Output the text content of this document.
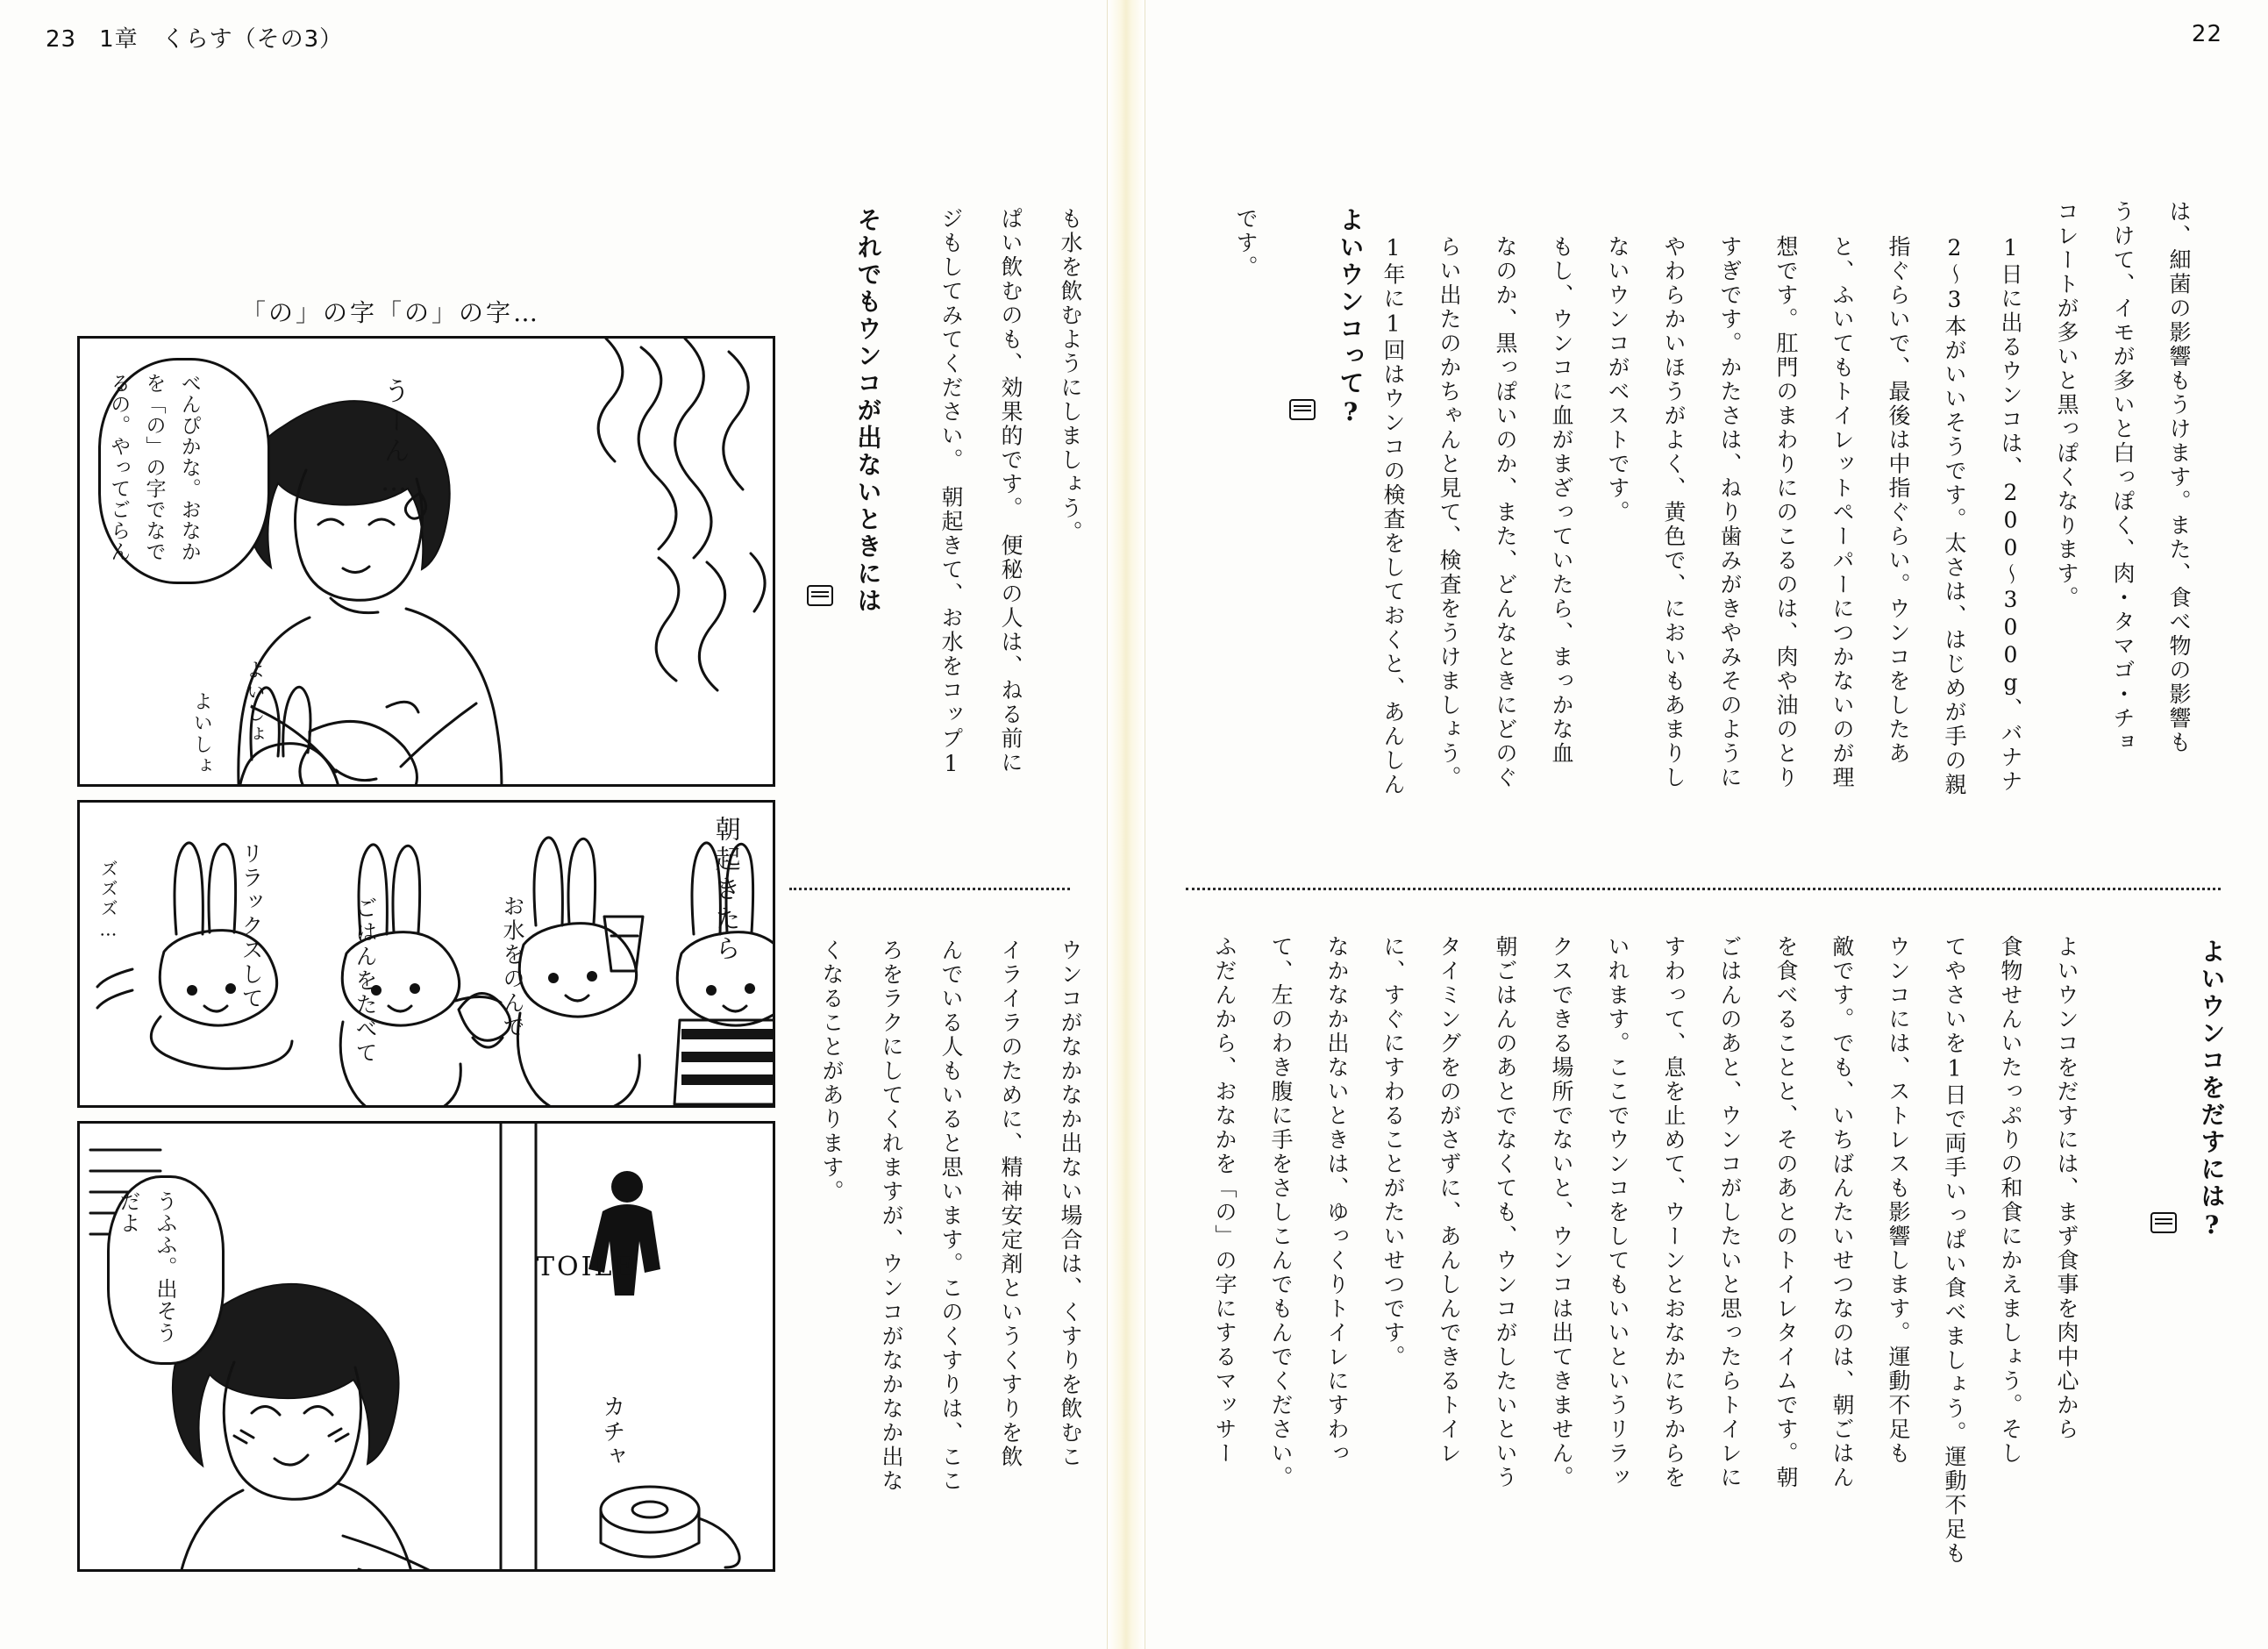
23 1章　くらす（その3）
「の」の字「の」の字…
べんぴかな。おなかを「の」の字でなでるの。やってごらん	うーん…
よいしょ
よいしょ
朝起きたら
お水をのんで
ごはんをたべて
リラックスして
ズズズ…
うふふ。出そうだよ
カチャ
TOILE
それでもウンコが出ないときには	も水を飲むようにしましょう。
ぱい飲むのも、効果的です。　便秘の人は、ねる前に
ジもしてみてください。　朝起きて、お水をコップ1
ウンコがなかなか出ない場合は、くすりを飲むこ
イライラのために、精神安定剤というくすりを飲
んでいる人もいると思います。このくすりは、ここ
ろをラクにしてくれますが、ウンコがなかなか出な
くなることがあります。
22
よいウンコって?	は、細菌の影響もうけます。また、食べ物の影響も
うけて、イモが多いと白っぽく、肉・タマゴ・チョ
コレートが多いと黒っぽくなります。
1日に出るウンコは、200〜300g、バナナ
2〜3本がいいそうです。太さは、はじめが手の親
指ぐらいで、最後は中指ぐらい。ウンコをしたあ
と、ふいてもトイレットペーパーにつかないのが理
想です。肛門のまわりにのこるのは、肉や油のとり
すぎです。かたさは、ねり歯みがきやみそのように
やわらかいほうがよく、黄色で、においもあまりし
ないウンコがベストです。
もし、ウンコに血がまざっていたら、まっかな血
なのか、黒っぽいのか、また、どんなときにどのぐ
らい出たのかちゃんと見て、検査をうけましょう。
1年に1回はウンコの検査をしておくと、あんしん
です。
よいウンコをだすには?
よいウンコをだすには、まず食事を肉中心から
食物せんいたっぷりの和食にかえましょう。そし
てやさいを1日で両手いっぱい食べましょう。運動不足も
ウンコには、ストレスも影響します。運動不足も
敵です。でも、いちばんたいせつなのは、朝ごはん
を食べることと、そのあとのトイレタイムです。朝
ごはんのあと、ウンコがしたいと思ったらトイレに
すわって、息を止めて、ウーンとおなかにちからを
いれます。ここでウンコをしてもいいというリラッ
クスできる場所でないと、ウンコは出てきません。
朝ごはんのあとでなくても、ウンコがしたいという
タイミングをのがさずに、あんしんできるトイレ
に、すぐにすわることがたいせつです。
なかなか出ないときは、ゆっくりトイレにすわっ
て、左のわき腹に手をさしこんでもんでください。
ふだんから、おなかを「の」の字にするマッサー
